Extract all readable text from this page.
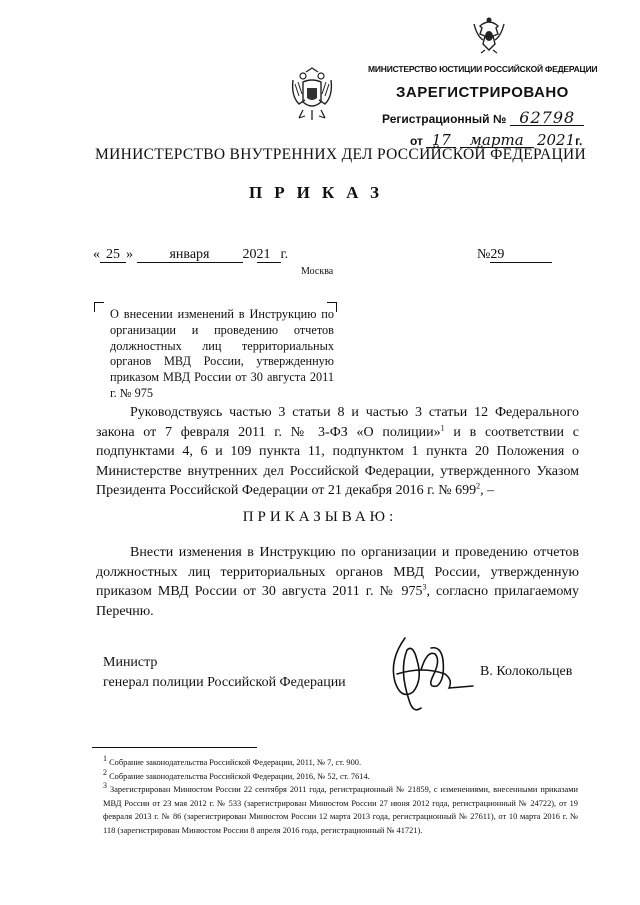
МИНИСТЕРСТВО ЮСТИЦИИ РОССИЙСКОЙ ФЕДЕРАЦИИ
ЗАРЕГИСТРИРОВАНО
Регистрационный № 62798
от 17 марта 2021г.
МИНИСТЕРСТВО ВНУТРЕННИХ ДЕЛ РОССИЙСКОЙ ФЕДЕРАЦИИ
ПРИКАЗ
« 25 »	января 2021 г.	№29
Москва

О внесении изменений в Инструкцию по организации и проведению отчетов должностных лиц территориальных органов МВД России, утвержденную приказом МВД России от 30 августа 2011 г. № 975

Руководствуясь частью 3 статьи 8 и частью 3 статьи 12 Федерального закона от 7 февраля 2011 г. № 3-ФЗ «О полиции»$^1$ и в соответствии с подпунктами 4, 6 и 109 пункта 11, подпунктом 1 пункта 20 Положения о Министерстве внутренних дел Российской Федерации, утвержденного Указом Президента Российской Федерации от 21 декабря 2016 г. № $699^2$, –

ПРИКАЗЫВАЮ:

Внести изменения в Инструкцию по организации и проведению отчетов должностных лиц территориальных органов МВД России, утвержденную приказом МВД России от 30 августа 2011 г. № $975^3$, согласно прилагаемому Перечню.

Министр
генерал полиции Российской Федерации
В. Колокольцев

$^1$ Собрание законодательства Российской Федерации, 2011, № 7, ст. 900.

$^2$ Собрание законодательства Российской Федерации, 2016, № 52, ст. 7614.

$^3$ Зарегистрирован Минюстом России 22 сентября 2011 года, регистрационный № 21859, с изменениями, внесенными приказами МВД России от 23 мая 2012 г. № 533 (зарегистрирован Минюстом России 27 июня 2012 года, регистрационный № 24722), от 19 февраля 2013 г. № 86 (зарегистрирован Минюстом России 12 марта 2013 года, регистрационный № 27611), от 10 марта 2016 г. № 118 (зарегистрирован Минюстом России 8 апреля 2016 года, регистрационный № 41721).
